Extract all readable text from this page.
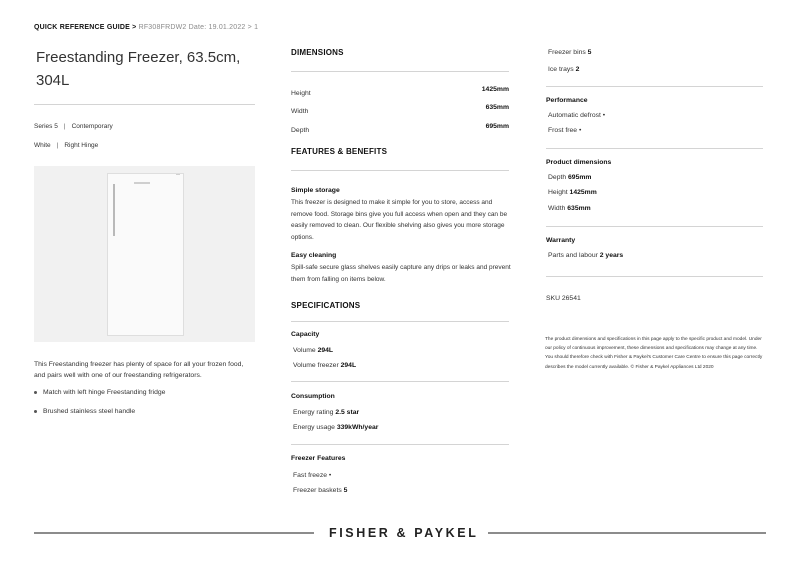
QUICK REFERENCE GUIDE > RF308FRDW2 Date: 19.01.2022 > 1
Freestanding Freezer, 63.5cm, 304L
Series 5 | Contemporary
White | Right Hinge
This Freestanding freezer has plenty of space for all your frozen food, and pairs well with one of our freestanding refrigerators.
Match with left hinge Freestanding fridge
Brushed stainless steel handle
DIMENSIONS
Height
1425mm
Width
635mm
Depth
695mm
FEATURES & BENEFITS
Simple storage
This freezer is designed to make it simple for you to store, access and remove food. Storage bins give you full access when open and they can be easily removed to clean. Our flexible shelving also gives you more storage options.
Easy cleaning
Spill-safe secure glass shelves easily capture any drips or leaks and prevent them from falling on items below.
SPECIFICATIONS
Capacity
Volume 294L
Volume freezer 294L
Consumption
Energy rating 2.5 star
Energy usage 339kWh/year
Freezer Features
Fast freeze •
Freezer baskets 5
Freezer bins 5
Ice trays 2
Performance
Automatic defrost •
Frost free •
Product dimensions
Depth 695mm
Height 1425mm
Width 635mm
Warranty
Parts and labour 2 years
SKU 26541
The product dimensions and specifications in this page apply to the specific product and model. Under our policy of continuous improvement, these dimensions and specifications may change at any time. You should therefore check with Fisher & Paykel's Customer Care Centre to ensure this page correctly describes the model currently available. © Fisher & Paykel Appliances Ltd 2020
FISHER & PAYKEL
